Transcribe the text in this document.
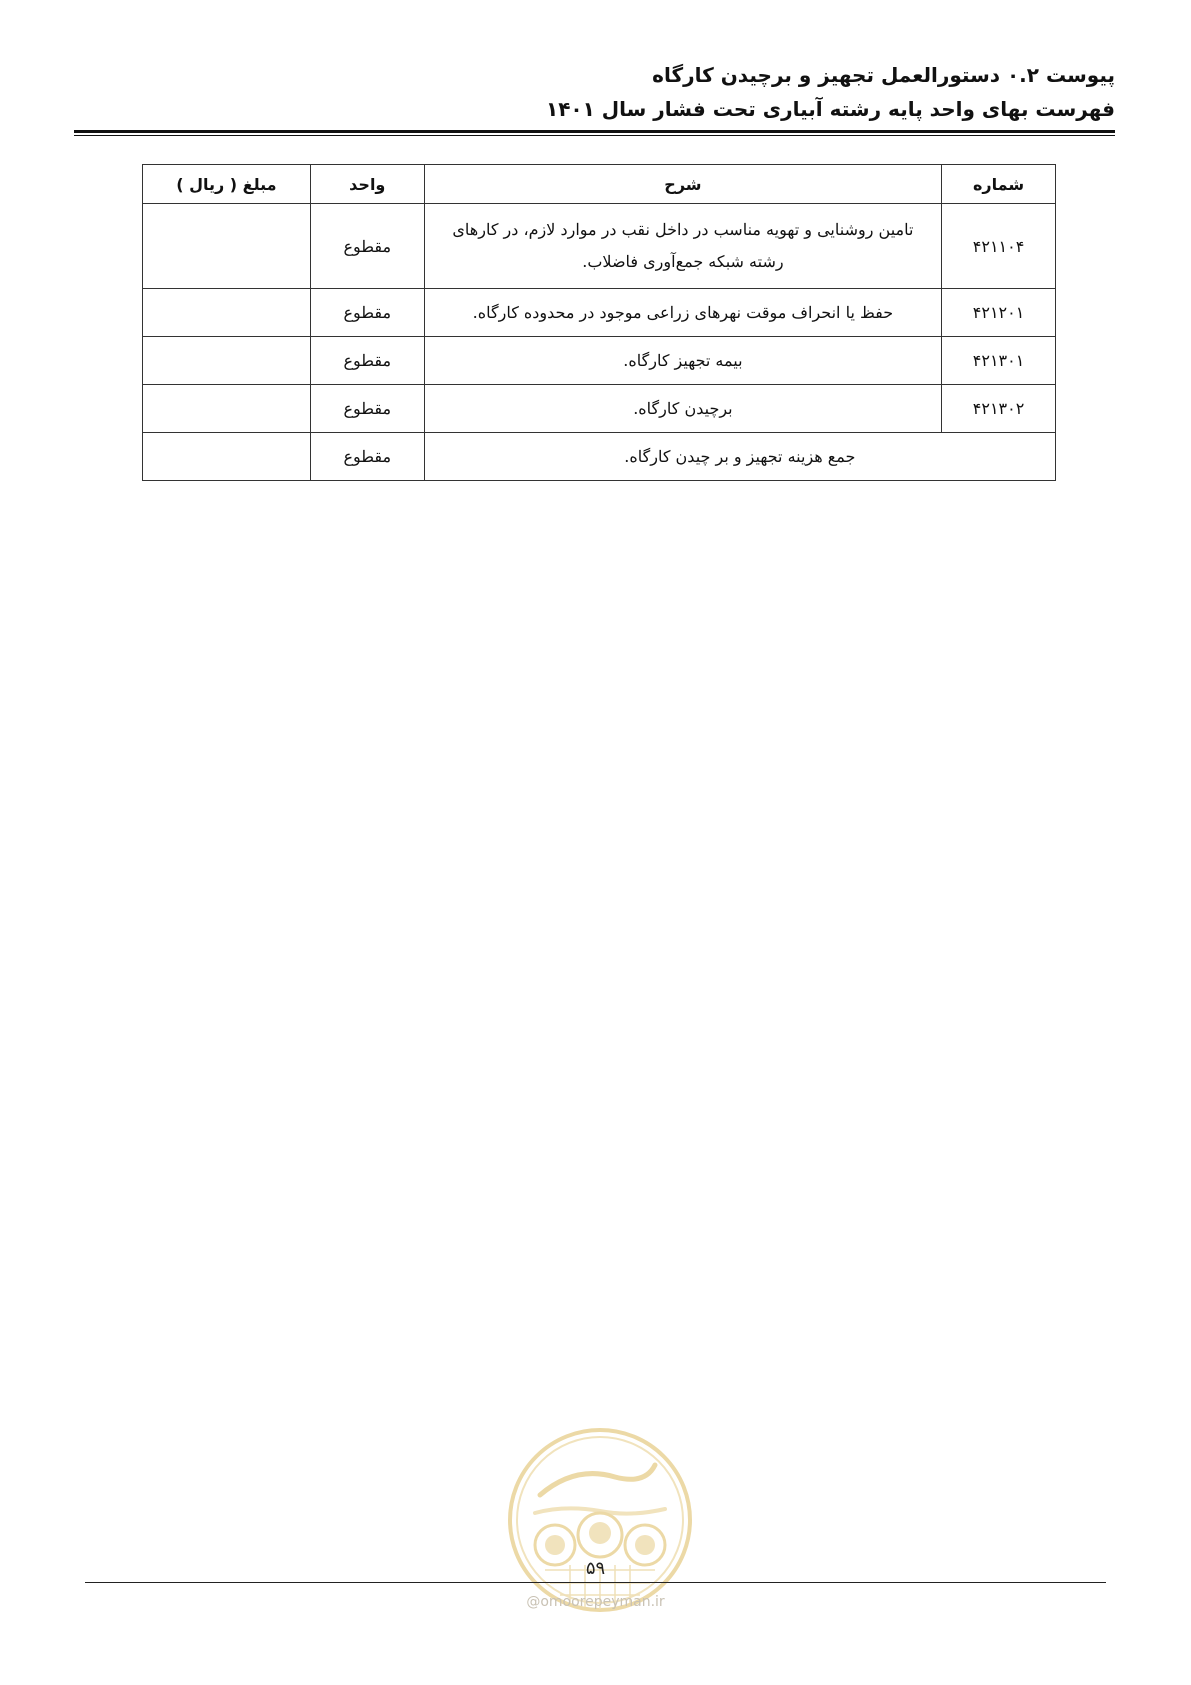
پیوست ۰.۲ دستورالعمل تجهیز و برچیدن کارگاه
فهرست بهای واحد پایه رشته آبیاری تحت فشار سال ۱۴۰۱
شماره	شرح	واحد	مبلغ ( ریال )
۴۲۱۱۰۴	تامین روشنایی و تهویه مناسب در داخل نقب در موارد لازم، در کارهای رشته شبکه جمع‌آوری فاضلاب.	مقطوع	
۴۲۱۲۰۱	حفظ یا انحراف موقت نهرهای زراعی موجود در محدوده کارگاه.	مقطوع	
۴۲۱۳۰۱	بیمه تجهیز کارگاه.	مقطوع	
۴۲۱۳۰۲	برچیدن کارگاه.	مقطوع	
جمع هزینه تجهیز و بر چیدن کارگاه.		مقطوع	
۵۹
@omoorepeyman.ir
